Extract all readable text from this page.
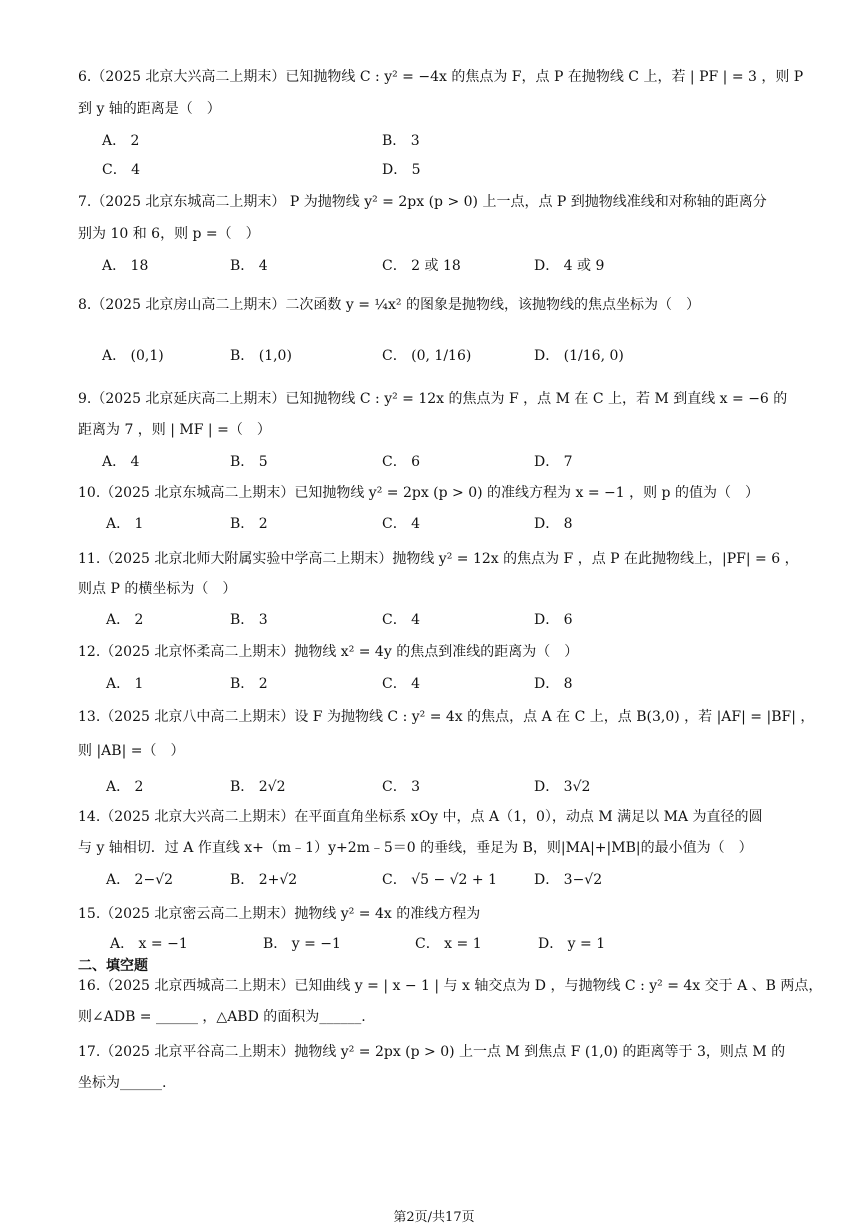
6.（2025 北京大兴高二上期末）已知抛物线 C : y² = −4x 的焦点为 F，点 P 在抛物线 C 上，若 | PF | = 3 ，则 P
到 y 轴的距离是（　）
A． 2	B． 3
C． 4	D． 5
7.（2025 北京东城高二上期末） P 为抛物线 y² = 2px (p > 0) 上一点，点 P 到抛物线准线和对称轴的距离分
别为 10 和 6，则 p =（　）
A． 18	B． 4	C． 2 或 18	D． 4 或 9
8.（2025 北京房山高二上期末）二次函数 y = ¼x² 的图象是抛物线，该抛物线的焦点坐标为（　）
A． (0,1)	B． (1,0)	C． (0, 1/16)	D． (1/16, 0)
9.（2025 北京延庆高二上期末）已知抛物线 C : y² = 12x 的焦点为 F ，点 M 在 C 上，若 M 到直线 x = −6 的
距离为 7 ，则 | MF | =（　）
A． 4	B． 5	C． 6	D． 7
10.（2025 北京东城高二上期末）已知抛物线 y² = 2px (p > 0) 的准线方程为 x = −1 ，则 p 的值为（　）
A． 1	B． 2	C． 4	D． 8
11.（2025 北京北师大附属实验中学高二上期末）抛物线 y² = 12x 的焦点为 F ，点 P 在此抛物线上，|PF| = 6 ，
则点 P 的横坐标为（　）
A． 2	B． 3	C． 4	D． 6
12.（2025 北京怀柔高二上期末）抛物线 x² = 4y 的焦点到准线的距离为（　）
A． 1	B． 2	C． 4	D． 8
13.（2025 北京八中高二上期末）设 F 为抛物线 C : y² = 4x 的焦点，点 A 在 C 上，点 B(3,0) ，若 |AF| = |BF| ，
则 |AB| =（　）
A． 2	B． 2√2	C． 3	D． 3√2
14.（2025 北京大兴高二上期末）在平面直角坐标系 xOy 中，点 A（1，0），动点 M 满足以 MA 为直径的圆
与 y 轴相切．过 A 作直线 x+（m﹣1）y+2m﹣5＝0 的垂线，垂足为 B，则|MA|+|MB|的最小值为（　）
A． 2−√2	B． 2+√2	C． √5 − √2 + 1	D． 3−√2
15.（2025 北京密云高二上期末）抛物线 y² = 4x 的准线方程为
A． x = −1	B． y = −1	C． x = 1	D． y = 1
二、填空题
16.（2025 北京西城高二上期末）已知曲线 y = | x − 1 | 与 x 轴交点为 D ，与抛物线 C : y² = 4x 交于 A 、B 两点，
则∠ADB = ______ ，△ABD 的面积为______.
17.（2025 北京平谷高二上期末）抛物线 y² = 2px (p > 0) 上一点 M 到焦点 F (1,0) 的距离等于 3，则点 M 的
坐标为______.
第2页/共17页
